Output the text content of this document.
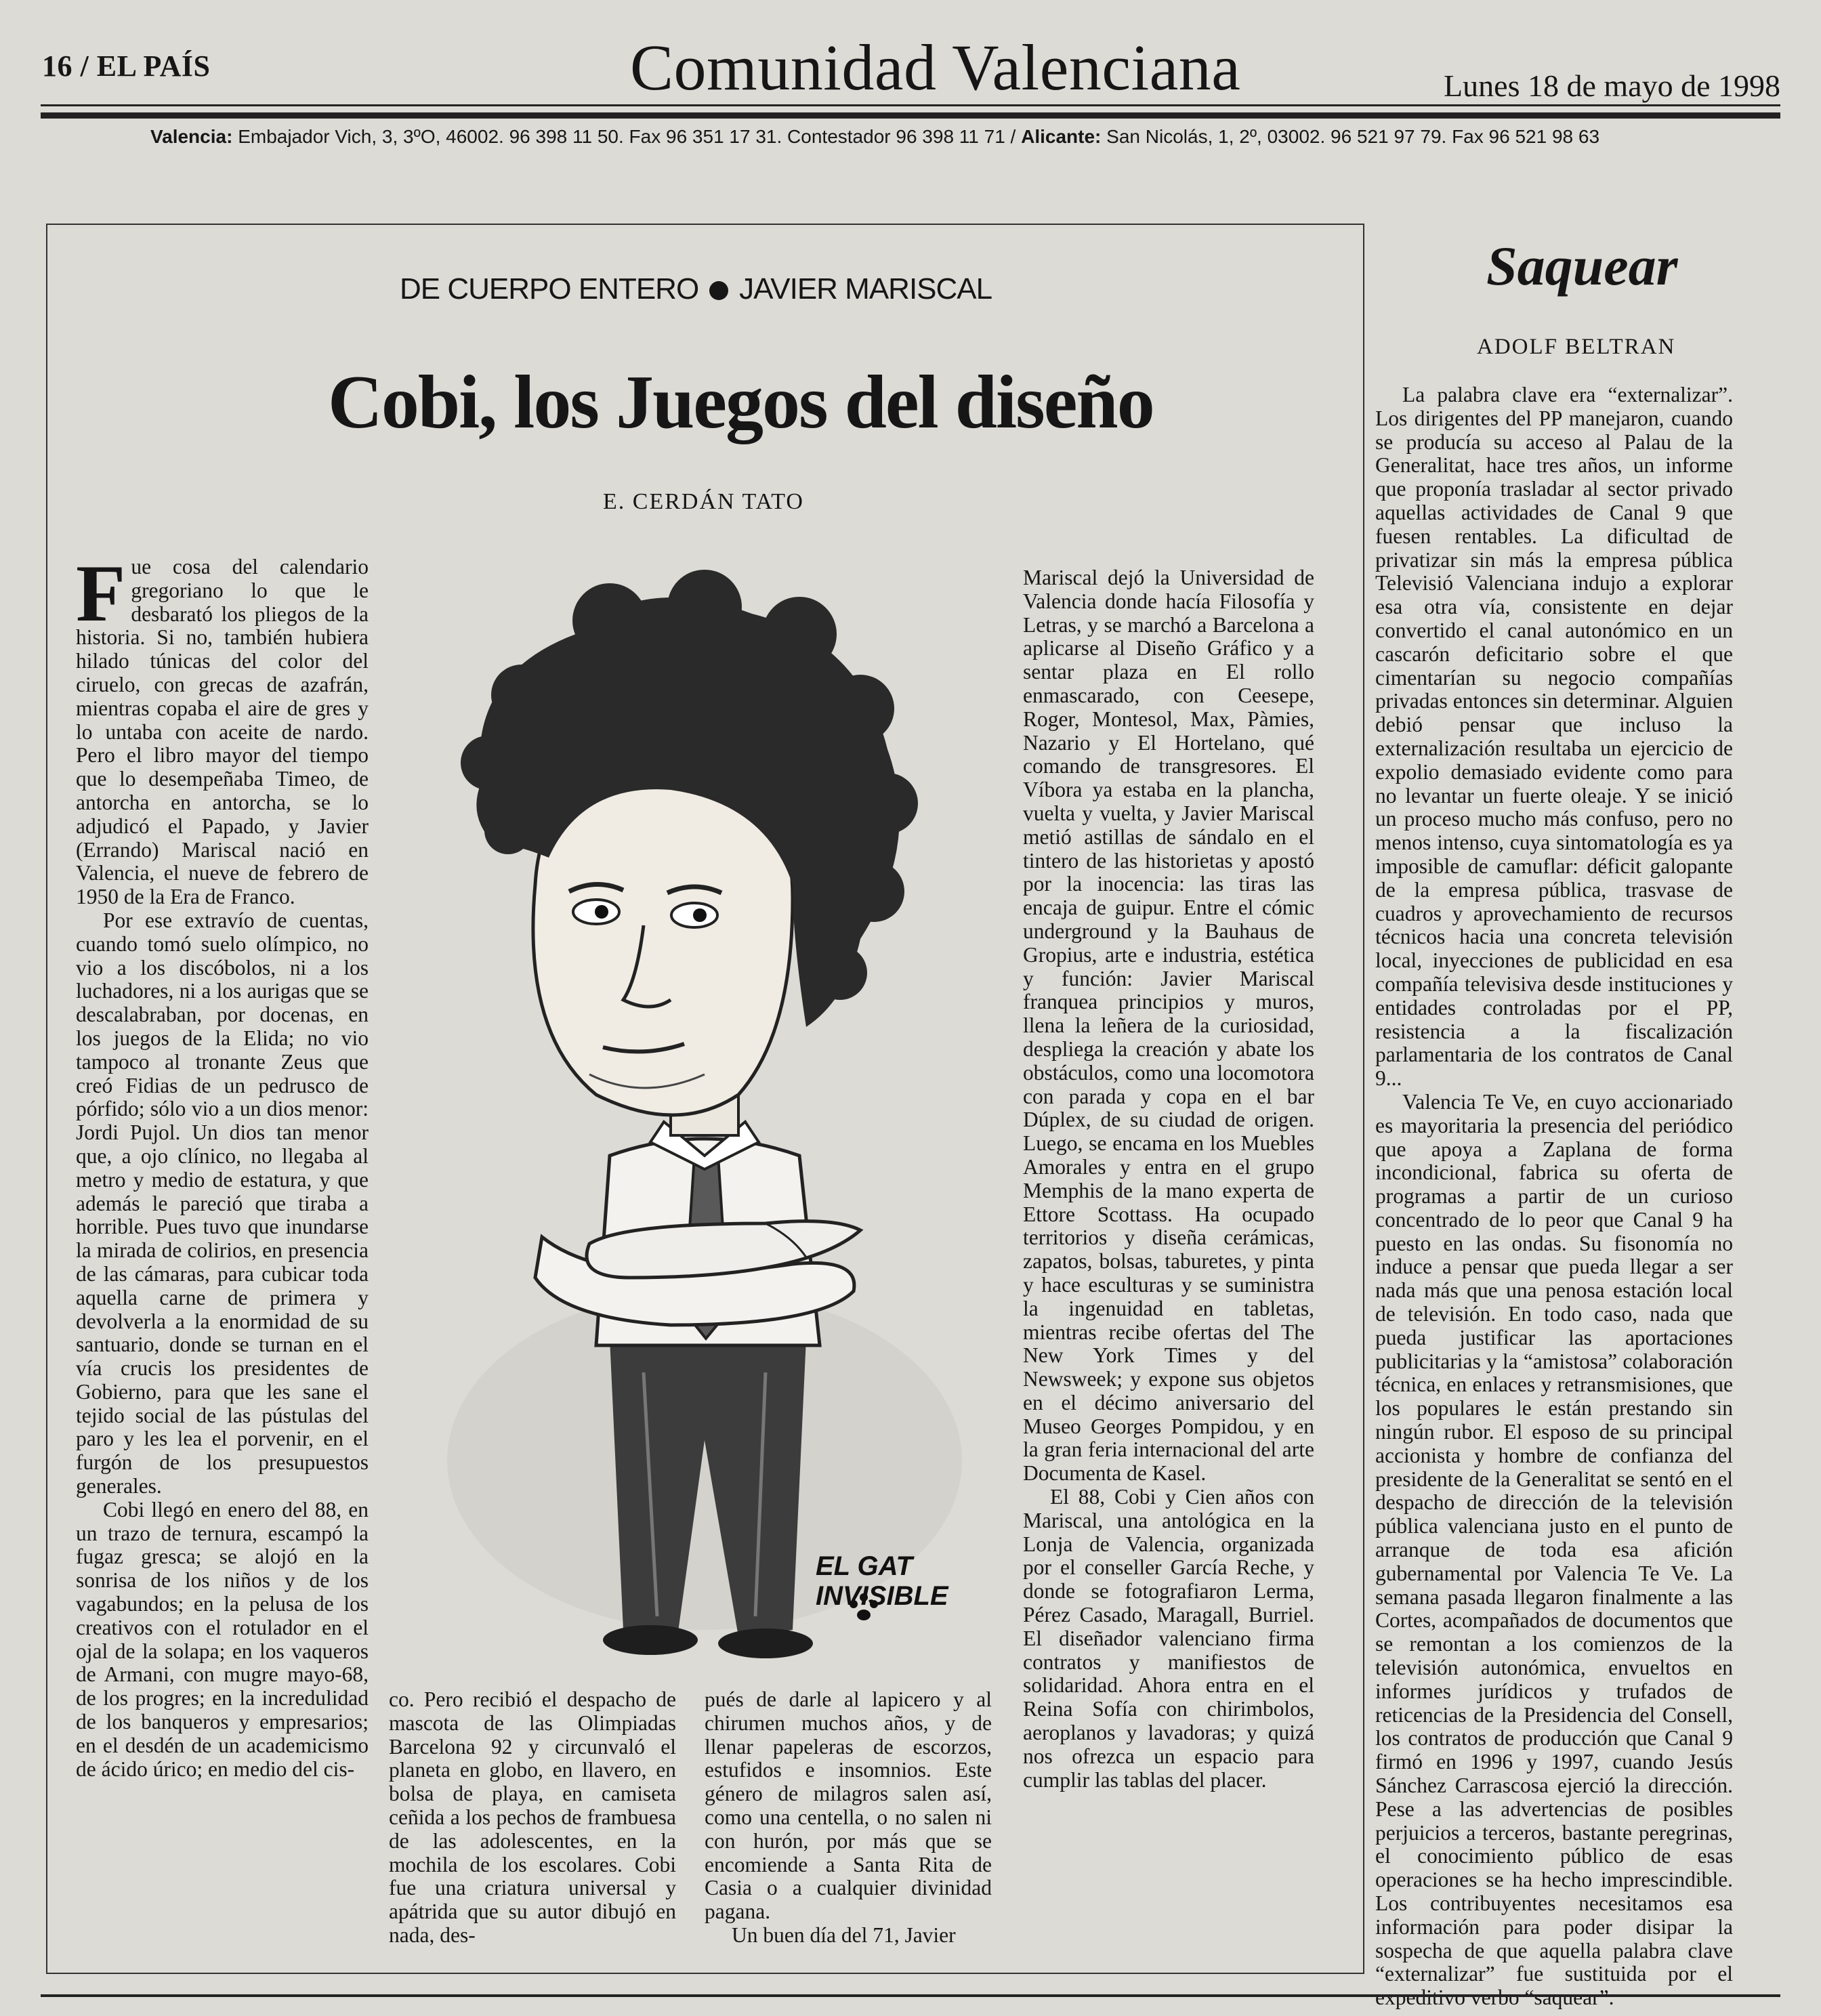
16 / EL PAÍS	Comunidad Valenciana	Lunes 18 de mayo de 1998
Valencia: Embajador Vich, 3, 3ºO, 46002. 96 398 11 50. Fax 96 351 17 31. Contestador 96 398 11 71 / Alicante: San Nicolás, 1, 2º, 03002. 96 521 97 79. Fax 96 521 98 63
DE CUERPO ENTERO JAVIER MARISCAL
Cobi, los Juegos del diseño
E. CERDÁN TATO

Fue cosa del calendario gregoriano lo que le desbarató los pliegos de la historia. Si no, también hubiera hilado túnicas del color del ciruelo, con grecas de azafrán, mientras copaba el aire de gres y lo untaba con aceite de nardo. Pero el libro mayor del tiempo que lo desempeñaba Timeo, de antorcha en antorcha, se lo adjudicó el Papado, y Javier (Errando) Mariscal nació en Valencia, el nueve de febrero de 1950 de la Era de Franco.

Por ese extravío de cuentas, cuando tomó suelo olímpico, no vio a los discóbolos, ni a los luchadores, ni a los aurigas que se descalabraban, por docenas, en los juegos de la Elida; no vio tampoco al tronante Zeus que creó Fidias de un pedrusco de pórfido; sólo vio a un dios menor: Jordi Pujol. Un dios tan menor que, a ojo clínico, no llegaba al metro y medio de estatura, y que además le pareció que tiraba a horrible. Pues tuvo que inundarse la mirada de colirios, en presencia de las cámaras, para cubicar toda aquella carne de primera y devolverla a la enormidad de su santuario, donde se turnan en el vía crucis los presidentes de Gobierno, para que les sane el tejido social de las pústulas del paro y les lea el porvenir, en el furgón de los presupuestos generales.

Cobi llegó en enero del 88, en un trazo de ternura, escampó la fugaz gresca; se alojó en la sonrisa de los niños y de los vagabundos; en la pelusa de los creativos con el rotulador en el ojal de la solapa; en los vaqueros de Armani, con mugre mayo-68, de los progres; en la incredulidad de los banqueros y empresarios; en el desdén de un academicismo de ácido úrico; en medio del cis-

EL GAT
INVISIBLE

co. Pero recibió el despacho de mascota de las Olimpiadas Barcelona 92 y circunvaló el planeta en globo, en llavero, en bolsa de playa, en camiseta ceñida a los pechos de frambuesa de las adolescentes, en la mochila de los escolares. Cobi fue una criatura universal y apátrida que su autor dibujó en nada, des-

pués de darle al lapicero y al chirumen muchos años, y de llenar papeleras de escorzos, estufidos e insomnios. Este género de milagros salen así, como una centella, o no salen ni con hurón, por más que se encomiende a Santa Rita de Casia o a cualquier divinidad pagana.

Un buen día del 71, Javier

Mariscal dejó la Universidad de Valencia donde hacía Filosofía y Letras, y se marchó a Barcelona a aplicarse al Diseño Gráfico y a sentar plaza en El rollo enmascarado, con Ceesepe, Roger, Montesol, Max, Pàmies, Nazario y El Hortelano, qué comando de transgresores. El Víbora ya estaba en la plancha, vuelta y vuelta, y Javier Mariscal metió astillas de sándalo en el tintero de las historietas y apostó por la inocencia: las tiras las encaja de guipur. Entre el cómic underground y la Bauhaus de Gropius, arte e industria, estética y función: Javier Mariscal franquea principios y muros, llena la leñera de la curiosidad, despliega la creación y abate los obstáculos, como una locomotora con parada y copa en el bar Dúplex, de su ciudad de origen. Luego, se encama en los Muebles Amorales y entra en el grupo Memphis de la mano experta de Ettore Scottass. Ha ocupado territorios y diseña cerámicas, zapatos, bolsas, taburetes, y pinta y hace esculturas y se suministra la ingenuidad en tabletas, mientras recibe ofertas del The New York Times y del Newsweek; y expone sus objetos en el décimo aniversario del Museo Georges Pompidou, y en la gran feria internacional del arte Documenta de Kasel.

El 88, Cobi y Cien años con Mariscal, una antológica en la Lonja de Valencia, organizada por el conseller García Reche, y donde se fotografiaron Lerma, Pérez Casado, Maragall, Burriel. El diseñador valenciano firma contratos y manifiestos de solidaridad. Ahora entra en el Reina Sofía con chirimbolos, aeroplanos y lavadoras; y quizá nos ofrezca un espacio para cumplir las tablas del placer.

Saquear
ADOLF BELTRAN

La palabra clave era “externalizar”. Los dirigentes del PP manejaron, cuando se producía su acceso al Palau de la Generalitat, hace tres años, un informe que proponía trasladar al sector privado aquellas actividades de Canal 9 que fuesen rentables. La dificultad de privatizar sin más la empresa pública Televisió Valenciana indujo a explorar esa otra vía, consistente en dejar convertido el canal autonómico en un cascarón deficitario sobre el que cimentarían su negocio compañías privadas entonces sin determinar. Alguien debió pensar que incluso la externalización resultaba un ejercicio de expolio demasiado evidente como para no levantar un fuerte oleaje. Y se inició un proceso mucho más confuso, pero no menos intenso, cuya sintomatología es ya imposible de camuflar: déficit galopante de la empresa pública, trasvase de cuadros y aprovechamiento de recursos técnicos hacia una concreta televisión local, inyecciones de publicidad en esa compañía televisiva desde instituciones y entidades controladas por el PP, resistencia a la fiscalización parlamentaria de los contratos de Canal 9...

Valencia Te Ve, en cuyo accionariado es mayoritaria la presencia del periódico que apoya a Zaplana de forma incondicional, fabrica su oferta de programas a partir de un curioso concentrado de lo peor que Canal 9 ha puesto en las ondas. Su fisonomía no induce a pensar que pueda llegar a ser nada más que una penosa estación local de televisión. En todo caso, nada que pueda justificar las aportaciones publicitarias y la “amistosa” colaboración técnica, en enlaces y retransmisiones, que los populares le están prestando sin ningún rubor. El esposo de su principal accionista y hombre de confianza del presidente de la Generalitat se sentó en el despacho de dirección de la televisión pública valenciana justo en el punto de arranque de toda esa afición gubernamental por Valencia Te Ve. La semana pasada llegaron finalmente a las Cortes, acompañados de documentos que se remontan a los comienzos de la televisión autonómica, envueltos en informes jurídicos y trufados de reticencias de la Presidencia del Consell, los contratos de producción que Canal 9 firmó en 1996 y 1997, cuando Jesús Sánchez Carrascosa ejerció la dirección. Pese a las advertencias de posibles perjuicios a terceros, bastante peregrinas, el conocimiento público de esas operaciones se ha hecho imprescindible. Los contribuyentes necesitamos esa información para poder disipar la sospecha de que aquella palabra clave “externalizar” fue sustituida por el expeditivo verbo “saquear”.
